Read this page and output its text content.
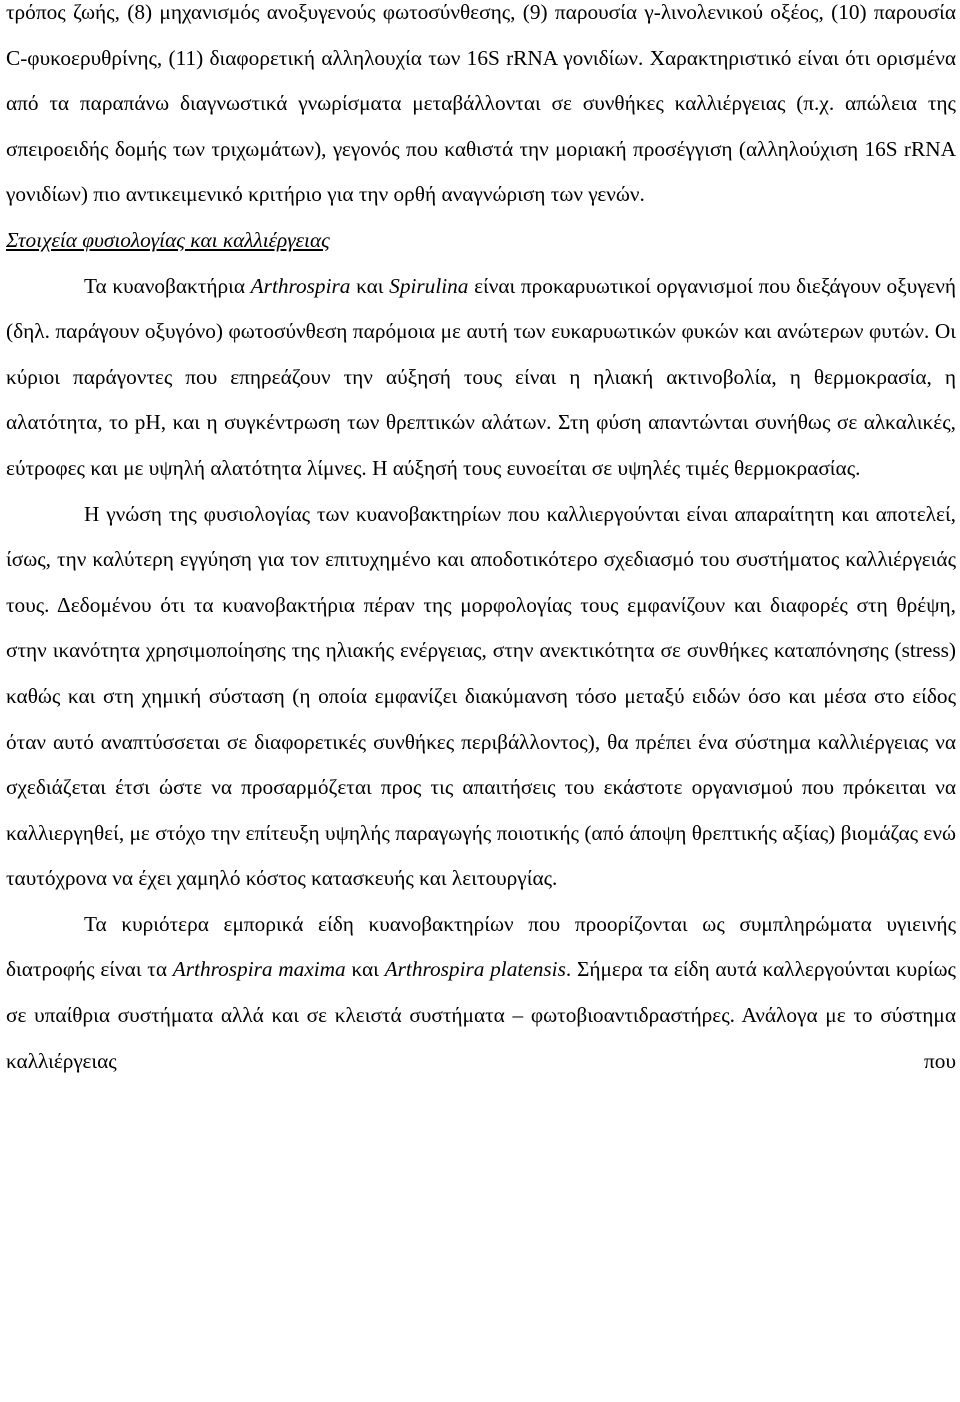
τρόπος ζωής, (8) μηχανισμός ανοξυγενούς φωτοσύνθεσης, (9) παρουσία γ-λινολενικού οξέος, (10) παρουσία C-φυκοερυθρίνης, (11) διαφορετική αλληλουχία των 16S rRNA γονιδίων. Χαρακτηριστικό είναι ότι ορισμένα από τα παραπάνω διαγνωστικά γνωρίσματα μεταβάλλονται σε συνθήκες καλλιέργειας (π.χ. απώλεια της σπειροειδής δομής των τριχωμάτων), γεγονός που καθιστά την μοριακή προσέγγιση (αλληλούχιση 16S rRNA γονιδίων) πιο αντικειμενικό κριτήριο για την ορθή αναγνώριση των γενών.

Στοιχεία φυσιολογίας και καλλιέργειας

Τα κυανοβακτήρια Arthrospira και Spirulina είναι προκαρυωτικοί οργανισμοί που διεξάγουν οξυγενή (δηλ. παράγουν οξυγόνο) φωτοσύνθεση παρόμοια με αυτή των ευκαρυωτικών φυκών και ανώτερων φυτών. Οι κύριοι παράγοντες που επηρεάζουν την αύξησή τους είναι η ηλιακή ακτινοβολία, η θερμοκρασία, η αλατότητα, το pH, και η συγκέντρωση των θρεπτικών αλάτων. Στη φύση απαντώνται συνήθως σε αλκαλικές, εύτροφες και με υψηλή αλατότητα λίμνες. Η αύξησή τους ευνοείται σε υψηλές τιμές θερμοκρασίας.

Η γνώση της φυσιολογίας των κυανοβακτηρίων που καλλιεργούνται είναι απαραίτητη και αποτελεί, ίσως, την καλύτερη εγγύηση για τον επιτυχημένο και αποδοτικότερο σχεδιασμό του συστήματος καλλιέργειάς τους. Δεδομένου ότι τα κυανοβακτήρια πέραν της μορφολογίας τους εμφανίζουν και διαφορές στη θρέψη, στην ικανότητα χρησιμοποίησης της ηλιακής ενέργειας, στην ανεκτικότητα σε συνθήκες καταπόνησης (stress) καθώς και στη χημική σύσταση (η οποία εμφανίζει διακύμανση τόσο μεταξύ ειδών όσο και μέσα στο είδος όταν αυτό αναπτύσσεται σε διαφορετικές συνθήκες περιβάλλοντος), θα πρέπει ένα σύστημα καλλιέργειας να σχεδιάζεται έτσι ώστε να προσαρμόζεται προς τις απαιτήσεις του εκάστοτε οργανισμού που πρόκειται να καλλιεργηθεί, με στόχο την επίτευξη υψηλής παραγωγής ποιοτικής (από άποψη θρεπτικής αξίας) βιομάζας ενώ ταυτόχρονα να έχει χαμηλό κόστος κατασκευής και λειτουργίας.

Τα κυριότερα εμπορικά είδη κυανοβακτηρίων που προορίζονται ως συμπληρώματα υγιεινής διατροφής είναι τα Arthrospira maxima και Arthrospira platensis. Σήμερα τα είδη αυτά καλλεργούνται κυρίως σε υπαίθρια συστήματα αλλά και σε κλειστά συστήματα – φωτοβιοαντιδραστήρες. Ανάλογα με το σύστημα καλλιέργειας που
